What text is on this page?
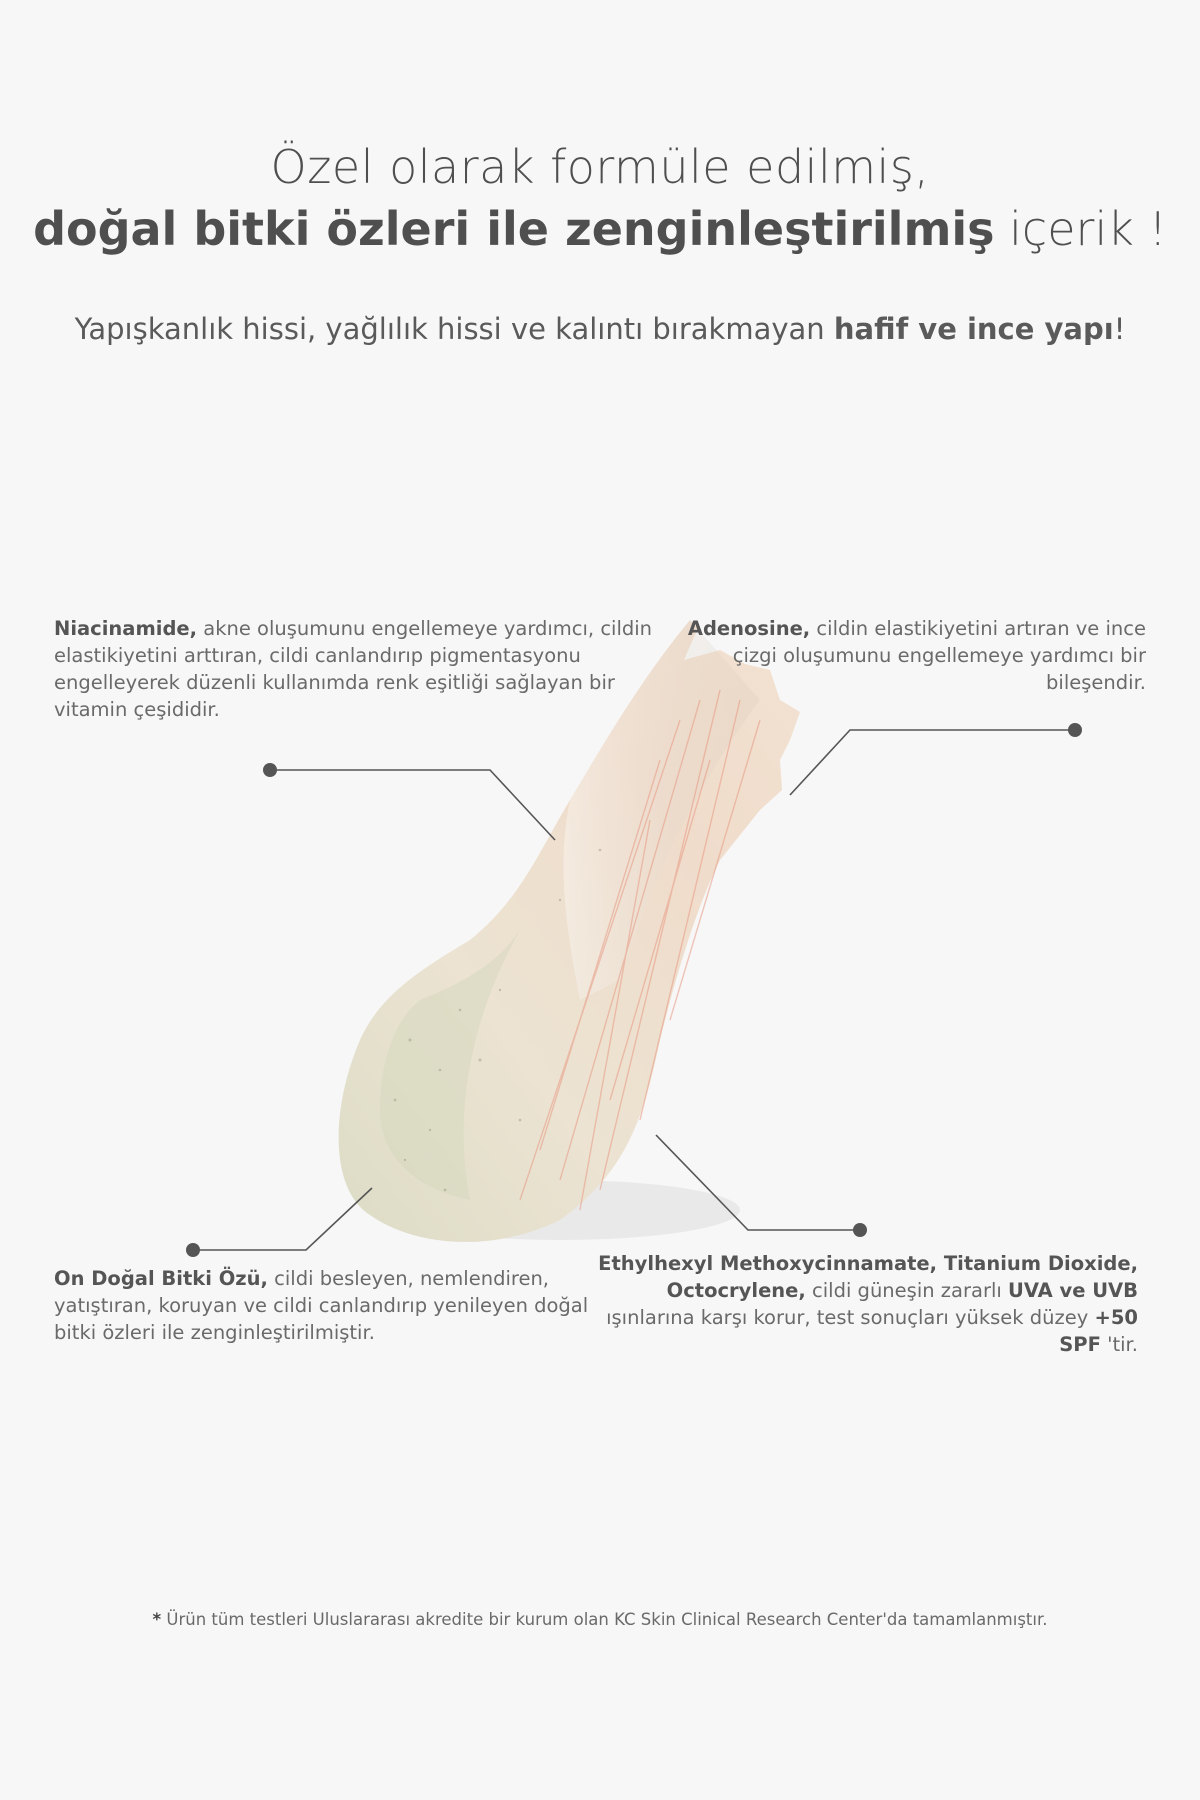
Özel olarak formüle edilmiş,
doğal bitki özleri ile zenginleştirilmiş içerik !
Yapışkanlık hissi, yağlılık hissi ve kalıntı bırakmayan hafif ve ince yapı!
Niacinamide, akne oluşumunu engellemeye yardımcı, cildin elastikiyetini arttıran, cildi canlandırıp pigmentasyonu engelleyerek düzenli kullanımda renk eşitliği sağlayan bir vitamin çeşididir.
Adenosine, cildin elastikiyetini artıran ve ince çizgi oluşumunu engellemeye yardımcı bir bileşendir.
On Doğal Bitki Özü, cildi besleyen, nemlendiren, yatıştıran, koruyan ve cildi canlandırıp yenileyen doğal bitki özleri ile zenginleştirilmiştir.
Ethylhexyl Methoxycinnamate, Titanium Dioxide, Octocrylene, cildi güneşin zararlı UVA ve UVB ışınlarına karşı korur, test sonuçları yüksek düzey +50 SPF 'tir.
* Ürün tüm testleri Uluslararası akredite bir kurum olan KC Skin Clinical Research Center'da tamamlanmıştır.
